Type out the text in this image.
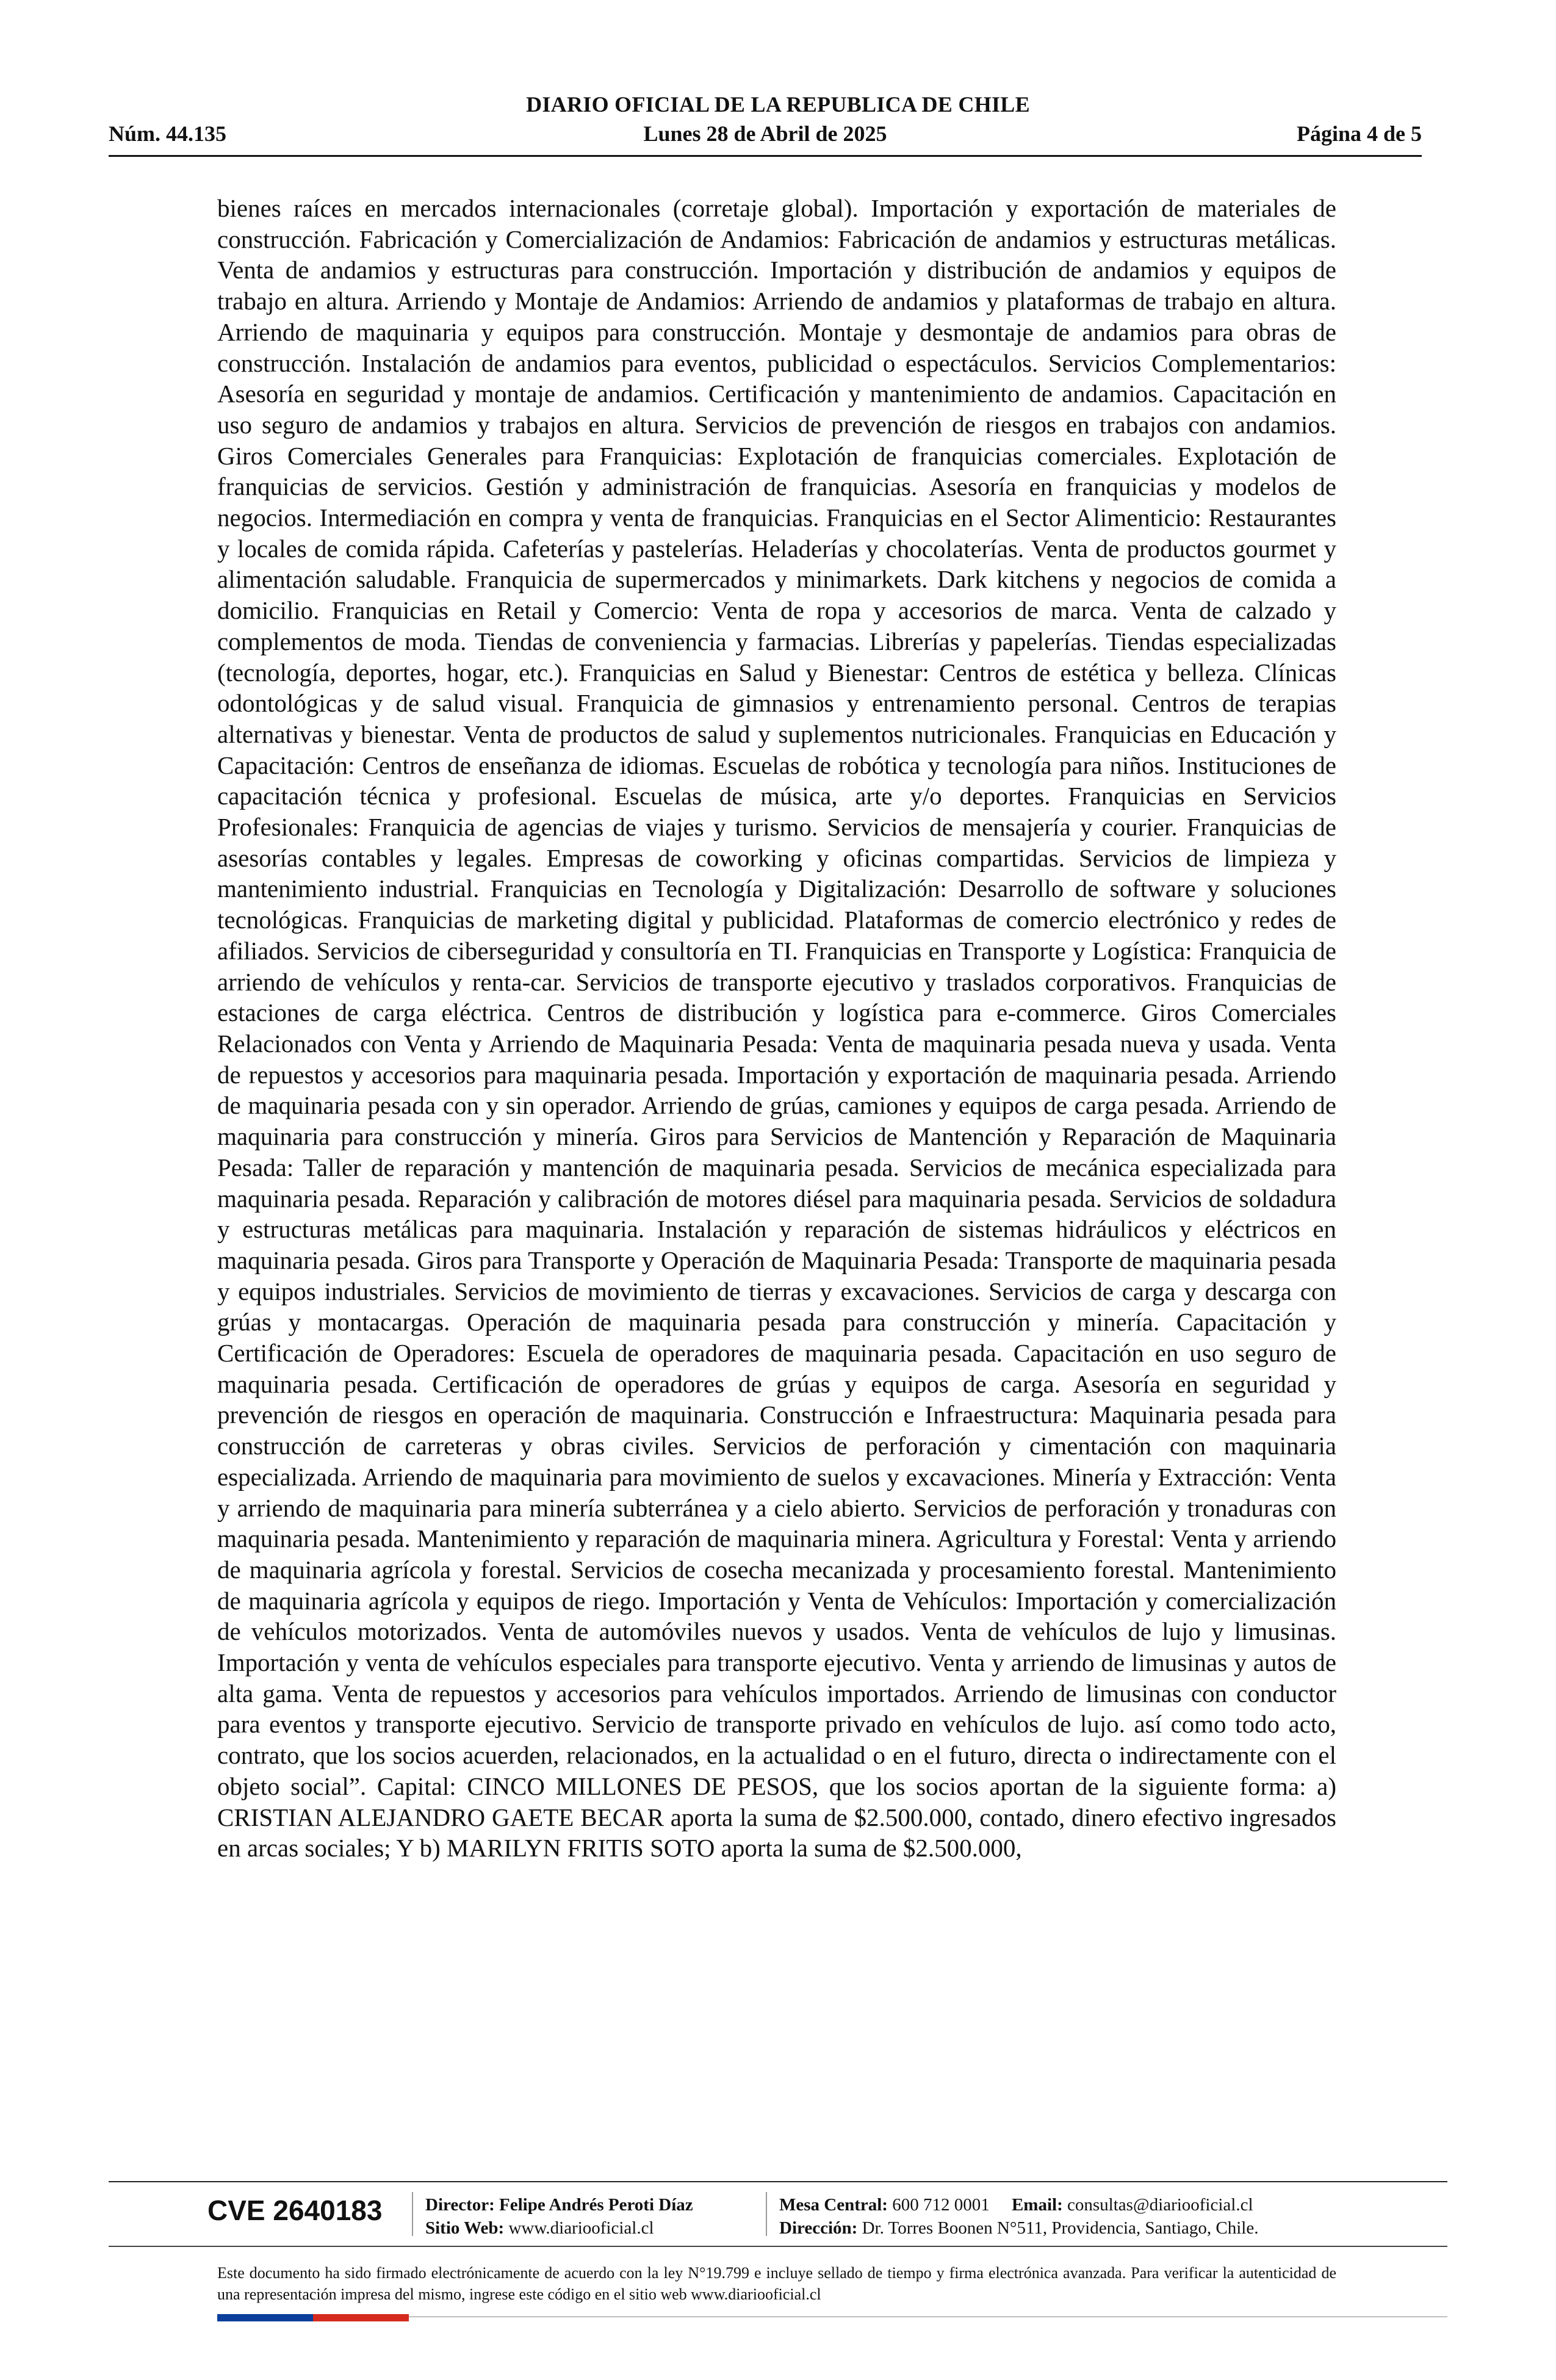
DIARIO OFICIAL DE LA REPUBLICA DE CHILE
Lunes 28 de Abril de 2025
Núm. 44.135	Página 4 de 5

bienes raíces en mercados internacionales (corretaje global). Importación y exportación de materiales de construcción. Fabricación y Comercialización de Andamios: Fabricación de andamios y estructuras metálicas. Venta de andamios y estructuras para construcción. Importación y distribución de andamios y equipos de trabajo en altura. Arriendo y Montaje de Andamios: Arriendo de andamios y plataformas de trabajo en altura. Arriendo de maquinaria y equipos para construcción. Montaje y desmontaje de andamios para obras de construcción. Instalación de andamios para eventos, publicidad o espectáculos. Servicios Complementarios: Asesoría en seguridad y montaje de andamios. Certificación y mantenimiento de andamios. Capacitación en uso seguro de andamios y trabajos en altura. Servicios de prevención de riesgos en trabajos con andamios. Giros Comerciales Generales para Franquicias: Explotación de franquicias comerciales. Explotación de franquicias de servicios. Gestión y administración de franquicias. Asesoría en franquicias y modelos de negocios. Intermediación en compra y venta de franquicias. Franquicias en el Sector Alimenticio: Restaurantes y locales de comida rápida. Cafeterías y pastelerías. Heladerías y chocolaterías. Venta de productos gourmet y alimentación saludable. Franquicia de supermercados y minimarkets. Dark kitchens y negocios de comida a domicilio. Franquicias en Retail y Comercio: Venta de ropa y accesorios de marca. Venta de calzado y complementos de moda. Tiendas de conveniencia y farmacias. Librerías y papelerías. Tiendas especializadas (tecnología, deportes, hogar, etc.). Franquicias en Salud y Bienestar: Centros de estética y belleza. Clínicas odontológicas y de salud visual. Franquicia de gimnasios y entrenamiento personal. Centros de terapias alternativas y bienestar. Venta de productos de salud y suplementos nutricionales. Franquicias en Educación y Capacitación: Centros de enseñanza de idiomas. Escuelas de robótica y tecnología para niños. Instituciones de capacitación técnica y profesional. Escuelas de música, arte y/o deportes. Franquicias en Servicios Profesionales: Franquicia de agencias de viajes y turismo. Servicios de mensajería y courier. Franquicias de asesorías contables y legales. Empresas de coworking y oficinas compartidas. Servicios de limpieza y mantenimiento industrial. Franquicias en Tecnología y Digitalización: Desarrollo de software y soluciones tecnológicas. Franquicias de marketing digital y publicidad. Plataformas de comercio electrónico y redes de afiliados. Servicios de ciberseguridad y consultoría en TI. Franquicias en Transporte y Logística: Franquicia de arriendo de vehículos y renta-car. Servicios de transporte ejecutivo y traslados corporativos. Franquicias de estaciones de carga eléctrica. Centros de distribución y logística para e-commerce. Giros Comerciales Relacionados con Venta y Arriendo de Maquinaria Pesada: Venta de maquinaria pesada nueva y usada. Venta de repuestos y accesorios para maquinaria pesada. Importación y exportación de maquinaria pesada. Arriendo de maquinaria pesada con y sin operador. Arriendo de grúas, camiones y equipos de carga pesada. Arriendo de maquinaria para construcción y minería. Giros para Servicios de Mantención y Reparación de Maquinaria Pesada: Taller de reparación y mantención de maquinaria pesada. Servicios de mecánica especializada para maquinaria pesada. Reparación y calibración de motores diésel para maquinaria pesada. Servicios de soldadura y estructuras metálicas para maquinaria. Instalación y reparación de sistemas hidráulicos y eléctricos en maquinaria pesada. Giros para Transporte y Operación de Maquinaria Pesada: Transporte de maquinaria pesada y equipos industriales. Servicios de movimiento de tierras y excavaciones. Servicios de carga y descarga con grúas y montacargas. Operación de maquinaria pesada para construcción y minería. Capacitación y Certificación de Operadores: Escuela de operadores de maquinaria pesada. Capacitación en uso seguro de maquinaria pesada. Certificación de operadores de grúas y equipos de carga. Asesoría en seguridad y prevención de riesgos en operación de maquinaria. Construcción e Infraestructura: Maquinaria pesada para construcción de carreteras y obras civiles. Servicios de perforación y cimentación con maquinaria especializada. Arriendo de maquinaria para movimiento de suelos y excavaciones. Minería y Extracción: Venta y arriendo de maquinaria para minería subterránea y a cielo abierto. Servicios de perforación y tronaduras con maquinaria pesada. Mantenimiento y reparación de maquinaria minera. Agricultura y Forestal: Venta y arriendo de maquinaria agrícola y forestal. Servicios de cosecha mecanizada y procesamiento forestal. Mantenimiento de maquinaria agrícola y equipos de riego. Importación y Venta de Vehículos: Importación y comercialización de vehículos motorizados. Venta de automóviles nuevos y usados. Venta de vehículos de lujo y limusinas. Importación y venta de vehículos especiales para transporte ejecutivo. Venta y arriendo de limusinas y autos de alta gama. Venta de repuestos y accesorios para vehículos importados. Arriendo de limusinas con conductor para eventos y transporte ejecutivo. Servicio de transporte privado en vehículos de lujo. así como todo acto, contrato, que los socios acuerden, relacionados, en la actualidad o en el futuro, directa o indirectamente con el objeto social”. Capital: CINCO MILLONES DE PESOS, que los socios aportan de la siguiente forma: a) CRISTIAN ALEJANDRO GAETE BECAR aporta la suma de $2.500.000, contado, dinero efectivo ingresados en arcas sociales; Y b) MARILYN FRITIS SOTO aporta la suma de $2.500.000,

CVE 2640183 Director: Felipe Andrés Peroti Díaz
Sitio Web: www.diariooficial.cl
Mesa Central: 600 712 0001 Email: consultas@diariooficial.cl
Dirección: Dr. Torres Boonen N°511, Providencia, Santiago, Chile.

Este documento ha sido firmado electrónicamente de acuerdo con la ley N°19.799 e incluye sellado de tiempo y firma electrónica avanzada. Para verificar la autenticidad de una representación impresa del mismo, ingrese este código en el sitio web www.diariooficial.cl
